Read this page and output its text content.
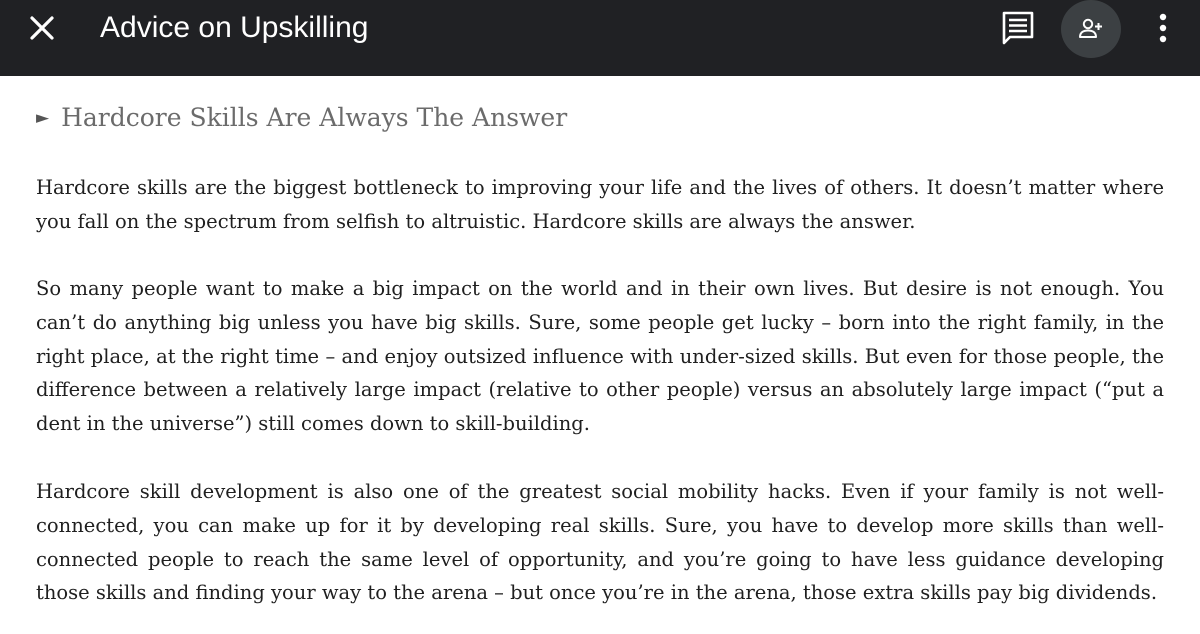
Advice on Upskilling
► Hardcore Skills Are Always The Answer

Hardcore skills are the biggest bottleneck to improving your life and the lives of others. It doesn’t matter where you fall on the spectrum from selfish to altruistic. Hardcore skills are always the answer.

So many people want to make a big impact on the world and in their own lives. But desire is not enough. You can’t do anything big unless you have big skills. Sure, some people get lucky – born into the right family, in the right place, at the right time – and enjoy outsized influence with under-sized skills. But even for those people, the difference between a relatively large impact (relative to other people) versus an absolutely large impact (“put a dent in the universe”) still comes down to skill-building.

Hardcore skill development is also one of the greatest social mobility hacks. Even if your family is not well-connected, you can make up for it by developing real skills. Sure, you have to develop more skills than well-connected people to reach the same level of opportunity, and you’re going to have less guidance developing those skills and finding your way to the arena – but once you’re in the arena, those extra skills pay big dividends.
